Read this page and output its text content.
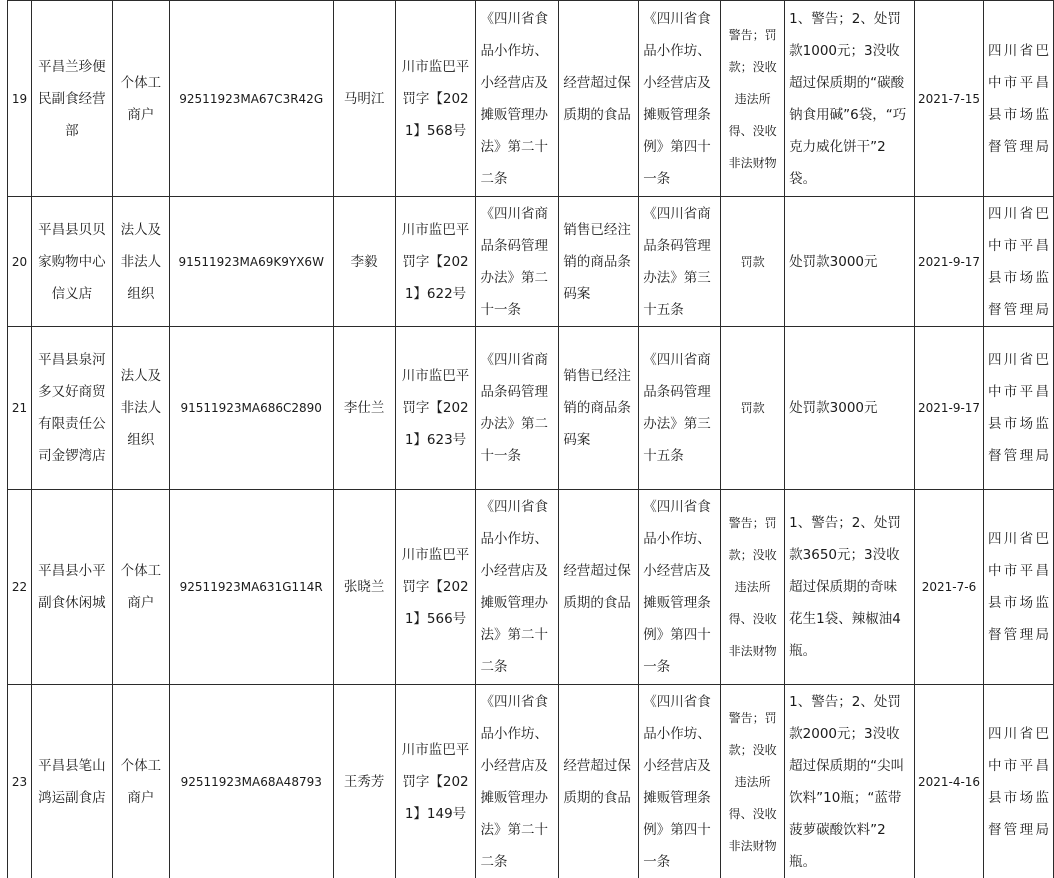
19	平昌兰珍便民副食经营部	个体工商户	92511923MA67C3R42G	马明江	川市监巴平罚字【2021】568号	《四川省食品小作坊、小经营店及摊贩管理办法》第二十二条	经营超过保质期的食品	《四川省食品小作坊、小经营店及摊贩管理条例》第四十一条	警告；罚款；没收违法所得、没收非法财物	1、警告；2、处罚款1000元；3没收超过保质期的“碳酸钠食用碱”6袋，“巧克力威化饼干”2袋。	2021-7-15	四川省巴中市平昌县市场监督管理局
20	平昌县贝贝家购物中心信义店	法人及非法人组织	91511923MA69K9YX6W	李毅	川市监巴平罚字【2021】622号	《四川省商品条码管理办法》第二十一条	销售已经注销的商品条码案	《四川省商品条码管理办法》第三十五条	罚款	处罚款3000元	2021-9-17	四川省巴中市平昌县市场监督管理局
21	平昌县泉河多又好商贸有限责任公司金锣湾店	法人及非法人组织	91511923MA686C2890	李仕兰	川市监巴平罚字【2021】623号	《四川省商品条码管理办法》第二十一条	销售已经注销的商品条码案	《四川省商品条码管理办法》第三十五条	罚款	处罚款3000元	2021-9-17	四川省巴中市平昌县市场监督管理局
22	平昌县小平副食休闲城	个体工商户	92511923MA631G114R	张晓兰	川市监巴平罚字【2021】566号	《四川省食品小作坊、小经营店及摊贩管理办法》第二十二条	经营超过保质期的食品	《四川省食品小作坊、小经营店及摊贩管理条例》第四十一条	警告；罚款；没收违法所得、没收非法财物	1、警告；2、处罚款3650元；3没收超过保质期的奇味花生1袋、辣椒油4瓶。	2021-7-6	四川省巴中市平昌县市场监督管理局
23	平昌县笔山鸿运副食店	个体工商户	92511923MA68A48793	王秀芳	川市监巴平罚字【2021】149号	《四川省食品小作坊、小经营店及摊贩管理办法》第二十二条	经营超过保质期的食品	《四川省食品小作坊、小经营店及摊贩管理条例》第四十一条	警告；罚款；没收违法所得、没收非法财物	1、警告；2、处罚款2000元；3没收超过保质期的“尖叫饮料”10瓶；“蓝带菠萝碳酸饮料”2瓶。	2021-4-16	四川省巴中市平昌县市场监督管理局
